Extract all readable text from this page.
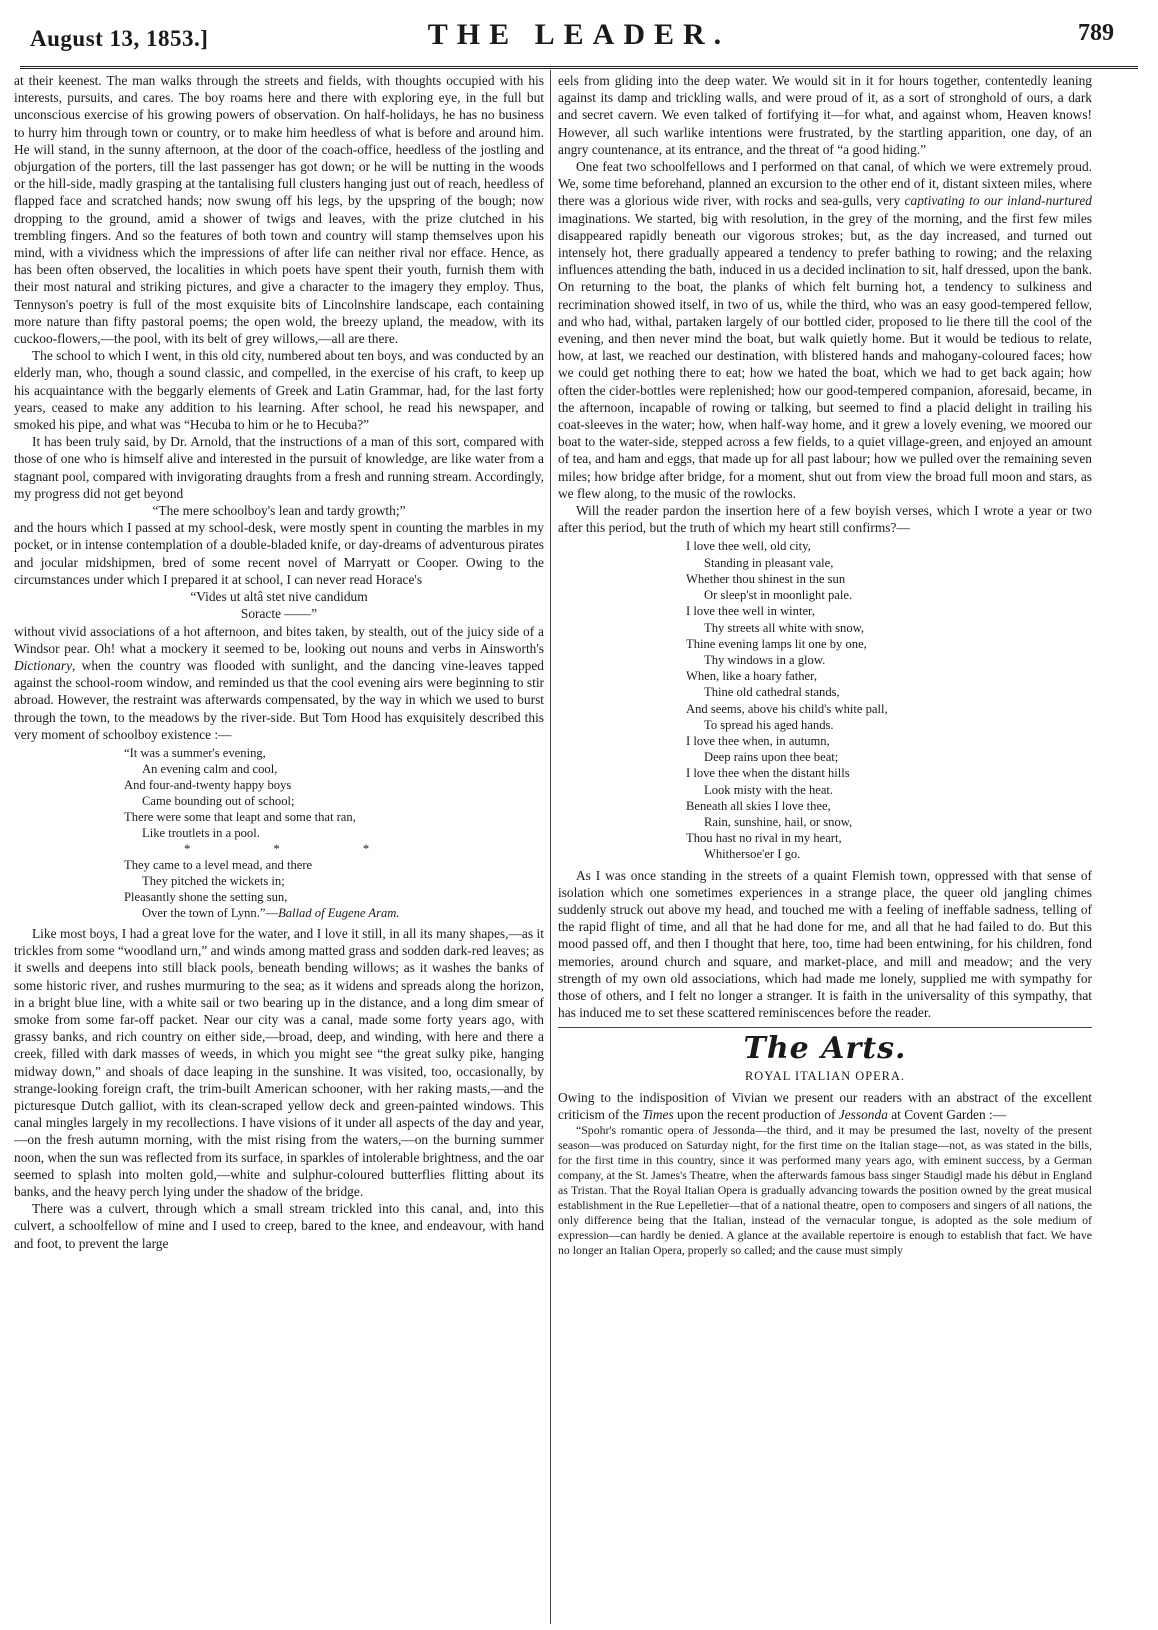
August 13, 1853.]	THE LEADER.	789

at their keenest. The man walks through the streets and fields, with thoughts occupied with his interests, pursuits, and cares. The boy roams here and there with exploring eye, in the full but unconscious exercise of his growing powers of observation. On half-holidays, he has no business to hurry him through town or country, or to make him heedless of what is before and around him. He will stand, in the sunny afternoon, at the door of the coach-office, heedless of the jostling and objurgation of the porters, till the last passenger has got down; or he will be nutting in the woods or the hill-side, madly grasping at the tantalising full clusters hanging just out of reach, heedless of flapped face and scratched hands; now swung off his legs, by the upspring of the bough; now dropping to the ground, amid a shower of twigs and leaves, with the prize clutched in his trembling fingers. And so the features of both town and country will stamp themselves upon his mind, with a vividness which the impressions of after life can neither rival nor efface. Hence, as has been often observed, the localities in which poets have spent their youth, furnish them with their most natural and striking pictures, and give a character to the imagery they employ. Thus, Tennyson's poetry is full of the most exquisite bits of Lincolnshire landscape, each containing more nature than fifty pastoral poems; the open wold, the breezy upland, the meadow, with its cuckoo-flowers,—the pool, with its belt of grey willows,—all are there.

The school to which I went, in this old city, numbered about ten boys, and was conducted by an elderly man, who, though a sound classic, and compelled, in the exercise of his craft, to keep up his acquaintance with the beggarly elements of Greek and Latin Grammar, had, for the last forty years, ceased to make any addition to his learning. After school, he read his newspaper, and smoked his pipe, and what was “Hecuba to him or he to Hecuba?”

It has been truly said, by Dr. Arnold, that the instructions of a man of this sort, compared with those of one who is himself alive and interested in the pursuit of knowledge, are like water from a stagnant pool, compared with invigorating draughts from a fresh and running stream. Accordingly, my progress did not get beyond

“The mere schoolboy's lean and tardy growth;”

and the hours which I passed at my school-desk, were mostly spent in counting the marbles in my pocket, or in intense contemplation of a double-bladed knife, or day-dreams of adventurous pirates and jocular midshipmen, bred of some recent novel of Marryatt or Cooper. Owing to the circumstances under which I prepared it at school, I can never read Horace's

“Vides ut altâ stet nive candidum
Soracte ——”

without vivid associations of a hot afternoon, and bites taken, by stealth, out of the juicy side of a Windsor pear. Oh! what a mockery it seemed to be, looking out nouns and verbs in Ainsworth's Dictionary, when the country was flooded with sunlight, and the dancing vine-leaves tapped against the school-room window, and reminded us that the cool evening airs were beginning to stir abroad. However, the restraint was afterwards compensated, by the way in which we used to burst through the town, to the meadows by the river-side. But Tom Hood has exquisitely described this very moment of schoolboy existence :—

“It was a summer's evening,
An evening calm and cool,
And four-and-twenty happy boys
Came bounding out of school;
There were some that leapt and some that ran,
Like troutlets in a pool.
* * *
They came to a level mead, and there
They pitched the wickets in;
Pleasantly shone the setting sun,
Over the town of Lynn.”—Ballad of Eugene Aram.

Like most boys, I had a great love for the water, and I love it still, in all its many shapes,—as it trickles from some “woodland urn,” and winds among matted grass and sodden dark-red leaves; as it swells and deepens into still black pools, beneath bending willows; as it washes the banks of some historic river, and rushes murmuring to the sea; as it widens and spreads along the horizon, in a bright blue line, with a white sail or two bearing up in the distance, and a long dim smear of smoke from some far-off packet. Near our city was a canal, made some forty years ago, with grassy banks, and rich country on either side,—broad, deep, and winding, with here and there a creek, filled with dark masses of weeds, in which you might see “the great sulky pike, hanging midway down,” and shoals of dace leaping in the sunshine. It was visited, too, occasionally, by strange-looking foreign craft, the trim-built American schooner, with her raking masts,—and the picturesque Dutch galliot, with its clean-scraped yellow deck and green-painted windows. This canal mingles largely in my recollections. I have visions of it under all aspects of the day and year,—on the fresh autumn morning, with the mist rising from the waters,—on the burning summer noon, when the sun was reflected from its surface, in sparkles of intolerable brightness, and the oar seemed to splash into molten gold,—white and sulphur-coloured butterflies flitting about its banks, and the heavy perch lying under the shadow of the bridge.

There was a culvert, through which a small stream trickled into this canal, and, into this culvert, a schoolfellow of mine and I used to creep, bared to the knee, and endeavour, with hand and foot, to prevent the large

eels from gliding into the deep water. We would sit in it for hours together, contentedly leaning against its damp and trickling walls, and were proud of it, as a sort of stronghold of ours, a dark and secret cavern. We even talked of fortifying it—for what, and against whom, Heaven knows! However, all such warlike intentions were frustrated, by the startling apparition, one day, of an angry countenance, at its entrance, and the threat of “a good hiding.”

One feat two schoolfellows and I performed on that canal, of which we were extremely proud. We, some time beforehand, planned an excursion to the other end of it, distant sixteen miles, where there was a glorious wide river, with rocks and sea-gulls, very captivating to our inland-nurtured imaginations. We started, big with resolution, in the grey of the morning, and the first few miles disappeared rapidly beneath our vigorous strokes; but, as the day increased, and turned out intensely hot, there gradually appeared a tendency to prefer bathing to rowing; and the relaxing influences attending the bath, induced in us a decided inclination to sit, half dressed, upon the bank. On returning to the boat, the planks of which felt burning hot, a tendency to sulkiness and recrimination showed itself, in two of us, while the third, who was an easy good-tempered fellow, and who had, withal, partaken largely of our bottled cider, proposed to lie there till the cool of the evening, and then never mind the boat, but walk quietly home. But it would be tedious to relate, how, at last, we reached our destination, with blistered hands and mahogany-coloured faces; how we could get nothing there to eat; how we hated the boat, which we had to get back again; how often the cider-bottles were replenished; how our good-tempered companion, aforesaid, became, in the afternoon, incapable of rowing or talking, but seemed to find a placid delight in trailing his coat-sleeves in the water; how, when half-way home, and it grew a lovely evening, we moored our boat to the water-side, stepped across a few fields, to a quiet village-green, and enjoyed an amount of tea, and ham and eggs, that made up for all past labour; how we pulled over the remaining seven miles; how bridge after bridge, for a moment, shut out from view the broad full moon and stars, as we flew along, to the music of the rowlocks.

Will the reader pardon the insertion here of a few boyish verses, which I wrote a year or two after this period, but the truth of which my heart still confirms?—

I love thee well, old city,
Standing in pleasant vale,
Whether thou shinest in the sun
Or sleep'st in moonlight pale.
I love thee well in winter,
Thy streets all white with snow,
Thine evening lamps lit one by one,
Thy windows in a glow.
When, like a hoary father,
Thine old cathedral stands,
And seems, above his child's white pall,
To spread his aged hands.
I love thee when, in autumn,
Deep rains upon thee beat;
I love thee when the distant hills
Look misty with the heat.
Beneath all skies I love thee,
Rain, sunshine, hail, or snow,
Thou hast no rival in my heart,
Whithersoe'er I go.

As I was once standing in the streets of a quaint Flemish town, oppressed with that sense of isolation which one sometimes experiences in a strange place, the queer old jangling chimes suddenly struck out above my head, and touched me with a feeling of ineffable sadness, telling of the rapid flight of time, and all that he had done for me, and all that he had failed to do. But this mood passed off, and then I thought that here, too, time had been entwining, for his children, fond memories, around church and square, and market-place, and mill and meadow; and the very strength of my own old associations, which had made me lonely, supplied me with sympathy for those of others, and I felt no longer a stranger. It is faith in the universality of this sympathy, that has induced me to set these scattered reminiscences before the reader.

The Arts.
ROYAL ITALIAN OPERA.

Owing to the indisposition of Vivian we present our readers with an abstract of the excellent criticism of the Times upon the recent production of Jessonda at Covent Garden :—

“Spohr's romantic opera of Jessonda—the third, and it may be presumed the last, novelty of the present season—was produced on Saturday night, for the first time on the Italian stage—not, as was stated in the bills, for the first time in this country, since it was performed many years ago, with eminent success, by a German company, at the St. James's Theatre, when the afterwards famous bass singer Staudigl made his début in England as Tristan. That the Royal Italian Opera is gradually advancing towards the position owned by the great musical establishment in the Rue Lepelletier—that of a national theatre, open to composers and singers of all nations, the only difference being that the Italian, instead of the vernacular tongue, is adopted as the sole medium of expression—can hardly be denied. A glance at the available repertoire is enough to establish that fact. We have no longer an Italian Opera, properly so called; and the cause must simply
